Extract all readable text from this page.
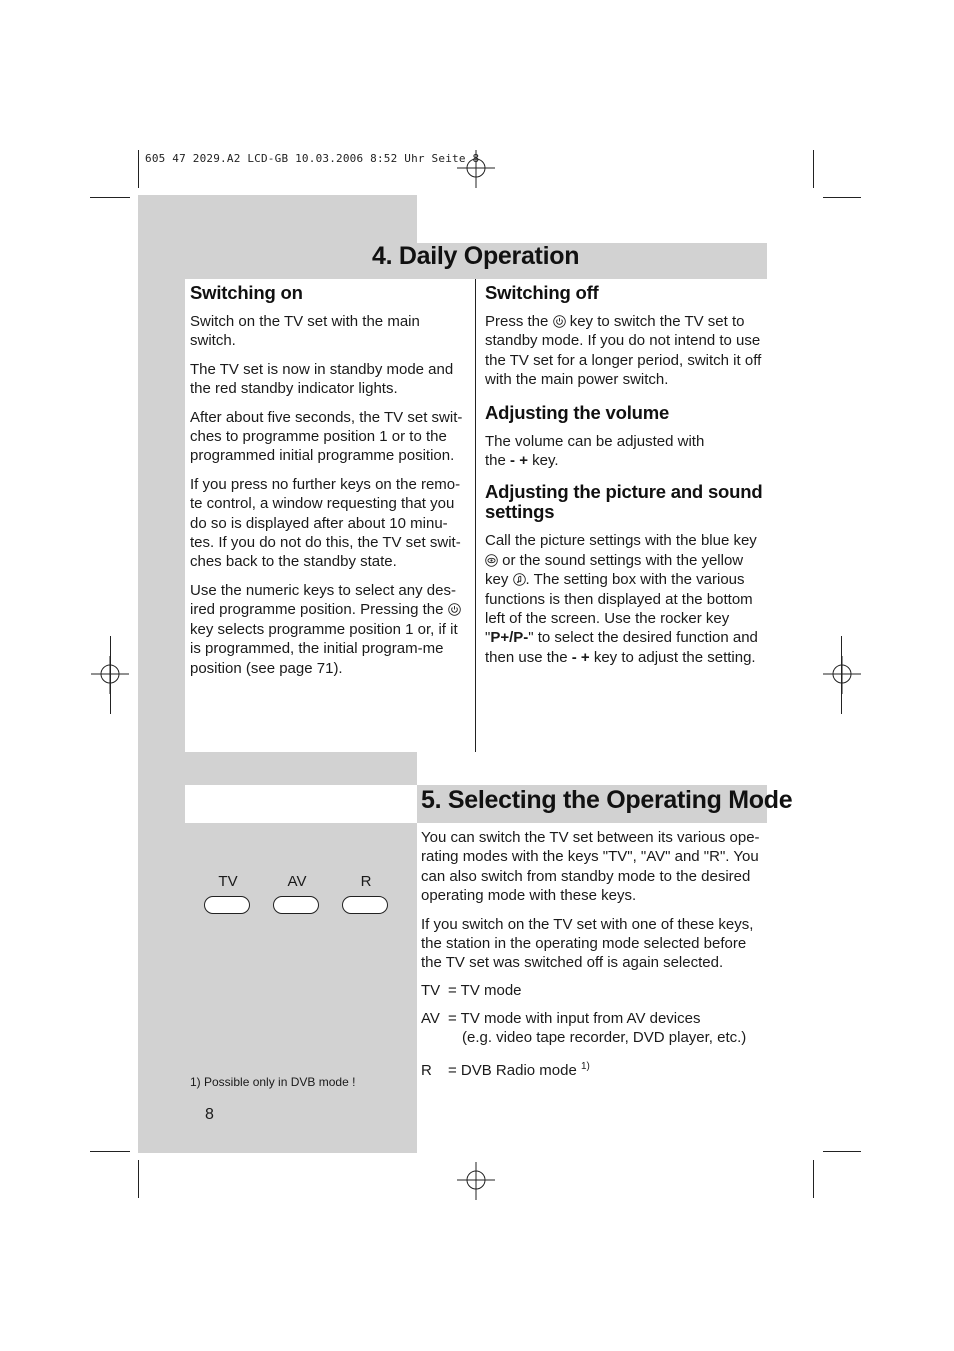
605 47 2029.A2 LCD-GB 10.03.2006 8:52 Uhr Seite 8
4. Daily Operation
Switching on

Switch on the TV set with the main switch.

The TV set is now in standby mode and the red standby indicator lights.

After about five seconds, the TV set swit-ches to programme position 1 or to the programmed initial programme position.

If you press no further keys on the remo-te control, a window requesting that you do so is displayed after about 10 minu-tes. If you do not do this, the TV set swit-ches back to the standby state.

Use the numeric keys to select any des-ired programme position. Pressing the  key selects programme position 1 or, if it is programmed, the initial program-me position (see page 71).

Switching off

Press the  key to switch the TV set to standby mode. If you do not intend to use the TV set for a longer period, switch it off with the main power switch.

Adjusting the volume

The volume can be adjusted with
the - + key.

Adjusting the picture and sound settings

Call the picture settings with the blue key  or the sound settings with the yellow key . The setting box with the various functions is then displayed at the bottom left of the screen. Use the rocker key "P+/P-" to select the desired function and then use the - + key to adjust the setting.

5. Selecting the Operating Mode
TV	AV	R

You can switch the TV set between its various ope-rating modes with the keys "TV", "AV" and "R". You can also switch from standby mode to the desired operating mode with these keys.

If you switch on the TV set with one of these keys, the station in the operating mode selected before the TV set was switched off is again selected.

TV = TV mode
AV = TV mode with input from AV devices
(e.g. video tape recorder, DVD player, etc.)
R = DVB Radio mode $^{1)}$
1) Possible only in DVB mode !
8
